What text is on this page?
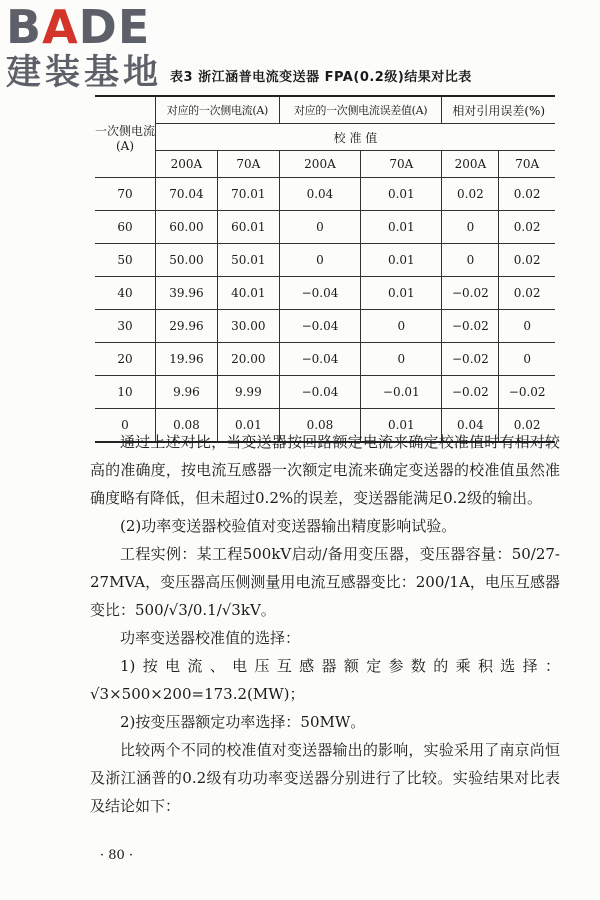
BADE
建装基地 表3 浙江涵普电流变送器 FPA(0.2级)结果对比表
一次侧电流(A)	对应的一次侧电流(A)		对应的一次侧电流误差值(A)		相对引用误差(%)	
	校 准 值					
	200A	70A	200A	70A	200A	70A
70	70.04	70.01	0.04	0.01	0.02	0.02
60	60.00	60.01	0	0.01	0	0.02
50	50.00	50.01	0	0.01	0	0.02
40	39.96	40.01	−0.04	0.01	−0.02	0.02
30	29.96	30.00	−0.04	0	−0.02	0
20	19.96	20.00	−0.04	0	−0.02	0
10	9.96	9.99	−0.04	−0.01	−0.02	−0.02
0	0.08	0.01	0.08	0.01	0.04	0.02

通过上述对比，当变送器按回路额定电流来确定校准值时有相对较高的准确度，按电流互感器一次额定电流来确定变送器的校准值虽然准确度略有降低，但未超过0.2%的误差，变送器能满足0.2级的输出。

(2)功率变送器校验值对变送器输出精度影响试验。

工程实例：某工程500kV启动/备用变压器，变压器容量：50/27-27MVA，变压器高压侧测量用电流互感器变比：200/1A，电压互感器变比：500/√3/0.1/√3kV。

功率变送器校准值的选择：

1)按电流、电压互感器额定参数的乘积选择：√3×500×200=173.2(MW)；

2)按变压器额定功率选择：50MW。

比较两个不同的校准值对变送器输出的影响，实验采用了南京尚恒及浙江涵普的0.2级有功功率变送器分别进行了比较。实验结果对比表及结论如下：

· 80 ·
